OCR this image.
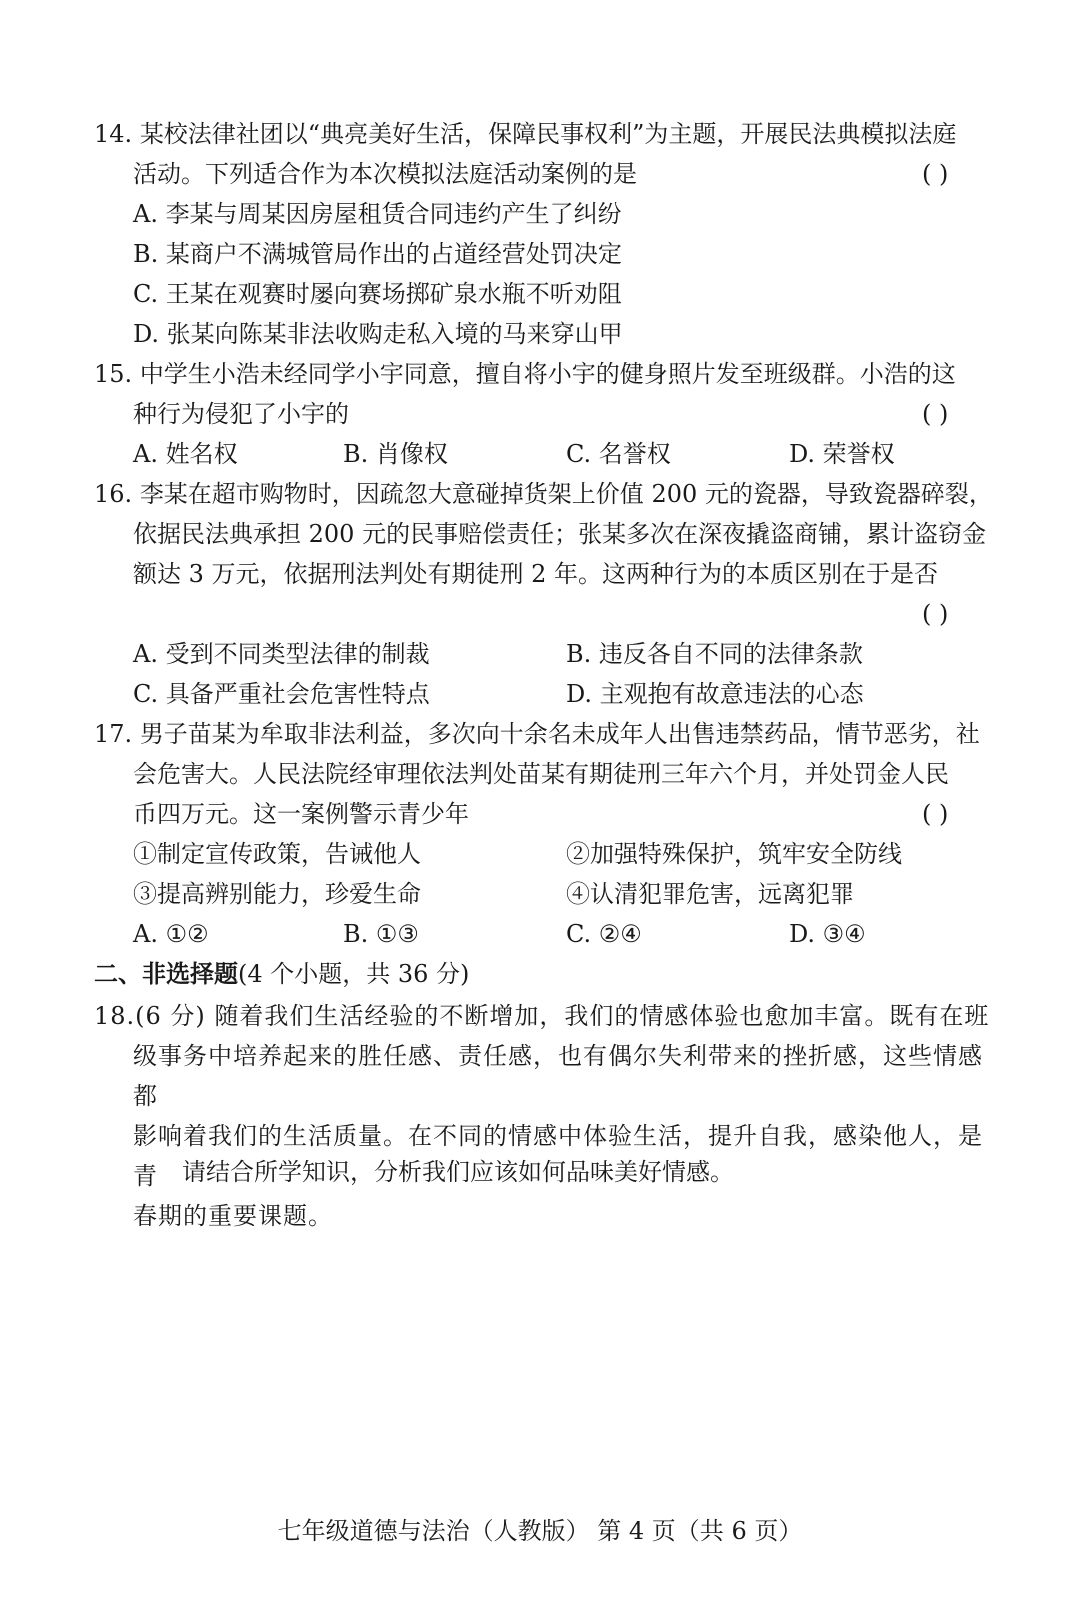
14. 某校法律社团以“典亮美好生活，保障民事权利”为主题，开展民法典模拟法庭
活动。下列适合作为本次模拟法庭活动案例的是	( )
A. 李某与周某因房屋租赁合同违约产生了纠纷
B. 某商户不满城管局作出的占道经营处罚决定
C. 王某在观赛时屡向赛场掷矿泉水瓶不听劝阻
D. 张某向陈某非法收购走私入境的马来穿山甲
15. 中学生小浩未经同学小宇同意，擅自将小宇的健身照片发至班级群。小浩的这
种行为侵犯了小宇的	( )
A. 姓名权	B. 肖像权	C. 名誉权	D. 荣誉权
16. 李某在超市购物时，因疏忽大意碰掉货架上价值 200 元的瓷器，导致瓷器碎裂，
依据民法典承担 200 元的民事赔偿责任；张某多次在深夜撬盗商铺，累计盗窃金
额达 3 万元，依据刑法判处有期徒刑 2 年。这两种行为的本质区别在于是否
( )
A. 受到不同类型法律的制裁	B. 违反各自不同的法律条款
C. 具备严重社会危害性特点	D. 主观抱有故意违法的心态
17. 男子苗某为牟取非法利益，多次向十余名未成年人出售违禁药品，情节恶劣，社
会危害大。人民法院经审理依法判处苗某有期徒刑三年六个月，并处罚金人民
币四万元。这一案例警示青少年	( )
①制定宣传政策，告诫他人	②加强特殊保护，筑牢安全防线
③提高辨别能力，珍爱生命	④认清犯罪危害，远离犯罪
A. ①②	B. ①③	C. ②④	D. ③④
二、非选择题(4 个小题，共 36 分)
18.(6 分) 随着我们生活经验的不断增加，我们的情感体验也愈加丰富。既有在班
级事务中培养起来的胜任感、责任感，也有偶尔失利带来的挫折感，这些情感都
影响着我们的生活质量。在不同的情感中体验生活，提升自我，感染他人，是青
春期的重要课题。
请结合所学知识，分析我们应该如何品味美好情感。
七年级道德与法治（人教版） 第 4 页（共 6 页）
